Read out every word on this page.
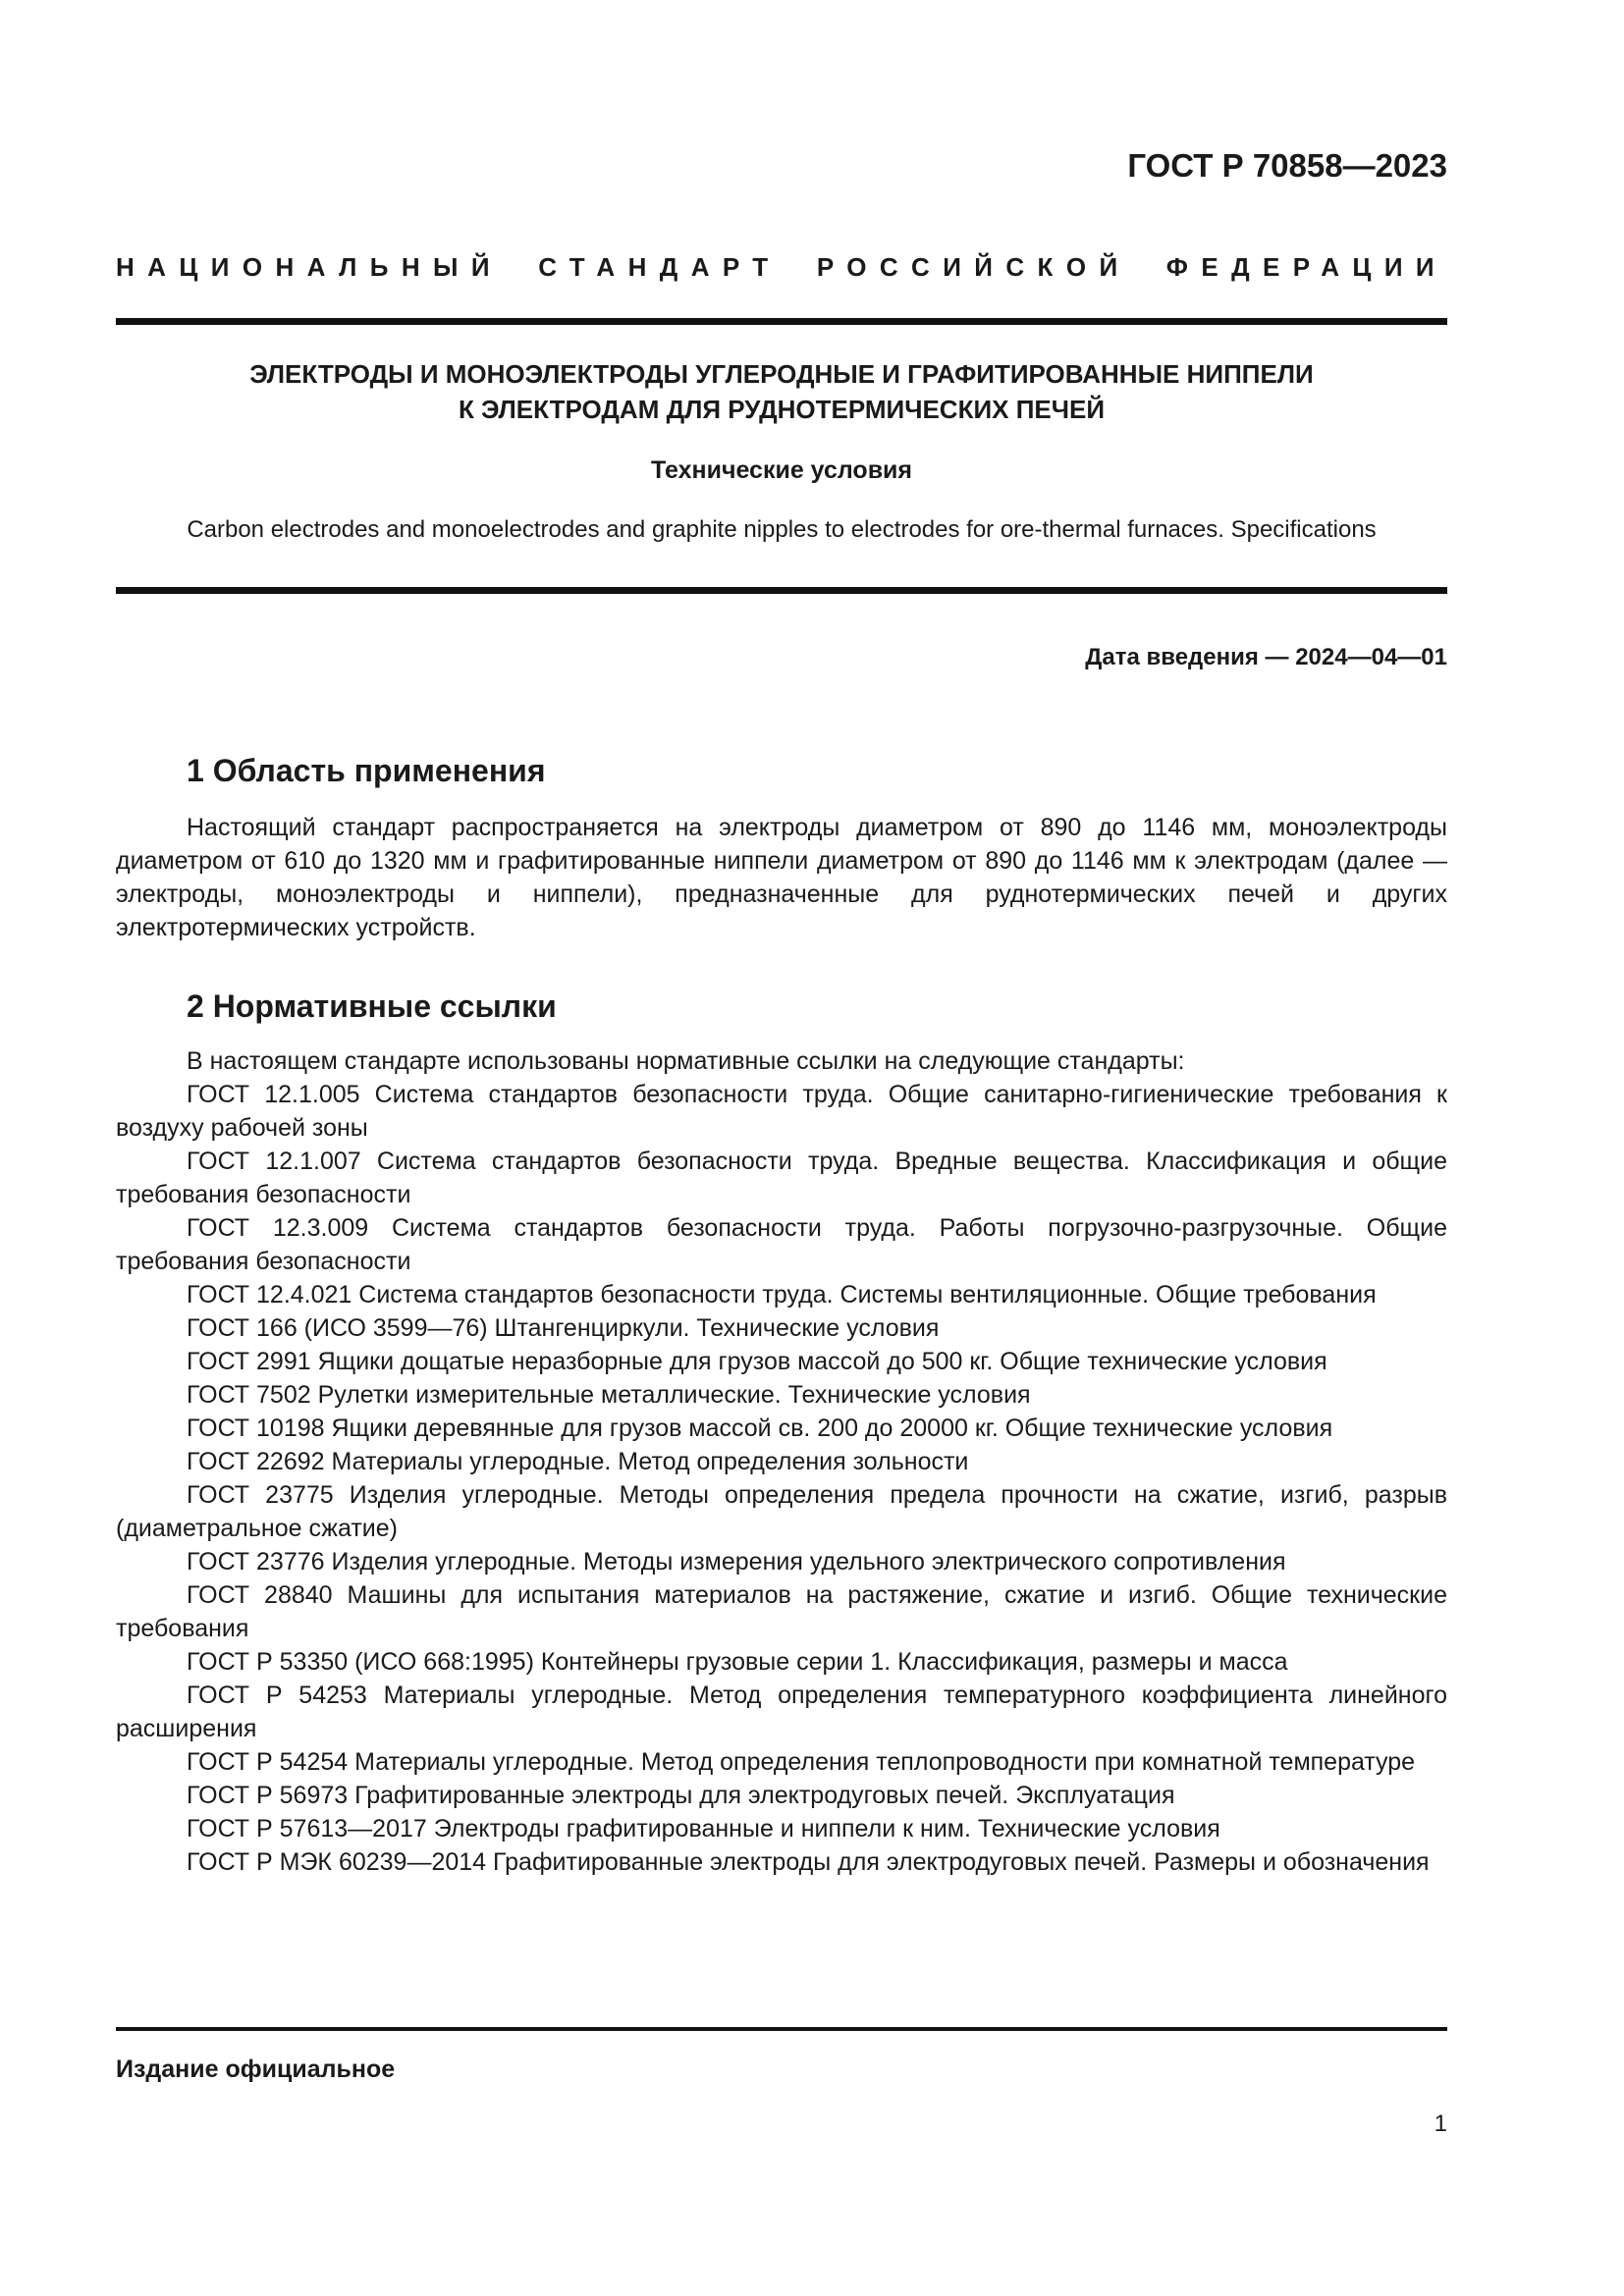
ГОСТ Р 70858—2023
НАЦИОНАЛЬНЫЙ СТАНДАРТ РОССИЙСКОЙ ФЕДЕРАЦИИ
ЭЛЕКТРОДЫ И МОНОЭЛЕКТРОДЫ УГЛЕРОДНЫЕ И ГРАФИТИРОВАННЫЕ НИППЕЛИ
К ЭЛЕКТРОДАМ ДЛЯ РУДНОТЕРМИЧЕСКИХ ПЕЧЕЙ
Технические условия
Carbon electrodes and monoelectrodes and graphite nipples to electrodes for ore-thermal furnaces. Specifications
Дата введения — 2024—04—01
1 Область применения

Настоящий стандарт распространяется на электроды диаметром от 890 до 1146 мм, моноэлектроды диаметром от 610 до 1320 мм и графитированные ниппели диаметром от 890 до 1146 мм к электродам (далее — электроды, моноэлектроды и ниппели), предназначенные для руднотермических печей и других электротермических устройств.

2 Нормативные ссылки

В настоящем стандарте использованы нормативные ссылки на следующие стандарты:

ГОСТ 12.1.005 Система стандартов безопасности труда. Общие санитарно-гигиенические требования к воздуху рабочей зоны

ГОСТ 12.1.007 Система стандартов безопасности труда. Вредные вещества. Классификация и общие требования безопасности

ГОСТ 12.3.009 Система стандартов безопасности труда. Работы погрузочно-разгрузочные. Общие требования безопасности

ГОСТ 12.4.021 Система стандартов безопасности труда. Системы вентиляционные. Общие требования

ГОСТ 166 (ИСО 3599—76) Штангенциркули. Технические условия

ГОСТ 2991 Ящики дощатые неразборные для грузов массой до 500 кг. Общие технические условия

ГОСТ 7502 Рулетки измерительные металлические. Технические условия

ГОСТ 10198 Ящики деревянные для грузов массой св. 200 до 20000 кг. Общие технические условия

ГОСТ 22692 Материалы углеродные. Метод определения зольности

ГОСТ 23775 Изделия углеродные. Методы определения предела прочности на сжатие, изгиб, разрыв (диаметральное сжатие)

ГОСТ 23776 Изделия углеродные. Методы измерения удельного электрического сопротивления

ГОСТ 28840 Машины для испытания материалов на растяжение, сжатие и изгиб. Общие технические требования

ГОСТ Р 53350 (ИСО 668:1995) Контейнеры грузовые серии 1. Классификация, размеры и масса

ГОСТ Р 54253 Материалы углеродные. Метод определения температурного коэффициента линейного расширения

ГОСТ Р 54254 Материалы углеродные. Метод определения теплопроводности при комнатной температуре

ГОСТ Р 56973 Графитированные электроды для электродуговых печей. Эксплуатация

ГОСТ Р 57613—2017 Электроды графитированные и ниппели к ним. Технические условия

ГОСТ Р МЭК 60239—2014 Графитированные электроды для электродуговых печей. Размеры и обозначения

Издание официальное
1
